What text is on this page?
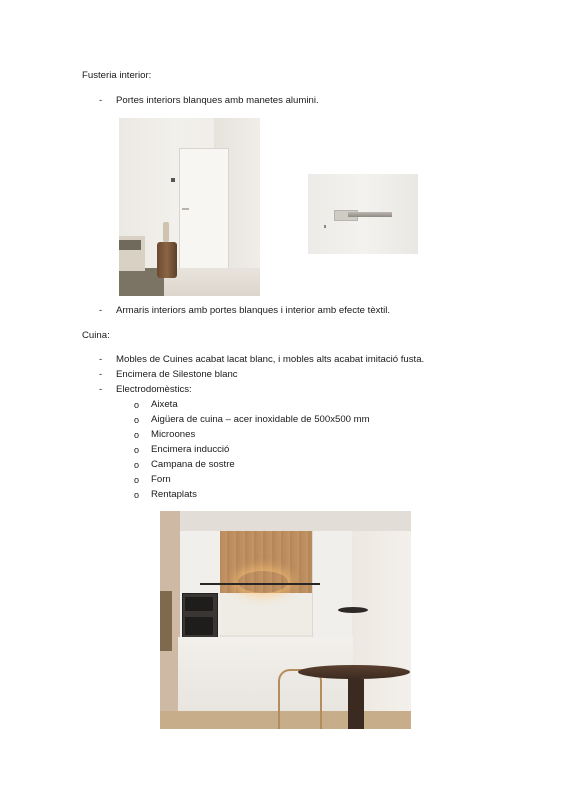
Fusteria interior:
- Portes interiors blanques amb manetes alumini.
- Armaris interiors amb portes blanques i interior amb efecte tèxtil.
Cuina:
- Mobles de Cuines acabat lacat blanc, i mobles alts acabat imitació fusta.
- Encimera de Silestone blanc
- Electrodomèstics:
o Aixeta
o Aigüera de cuina – acer inoxidable de 500x500 mm
o Microones
o Encimera inducció
o Campana de sostre
o Forn
o Rentaplats
